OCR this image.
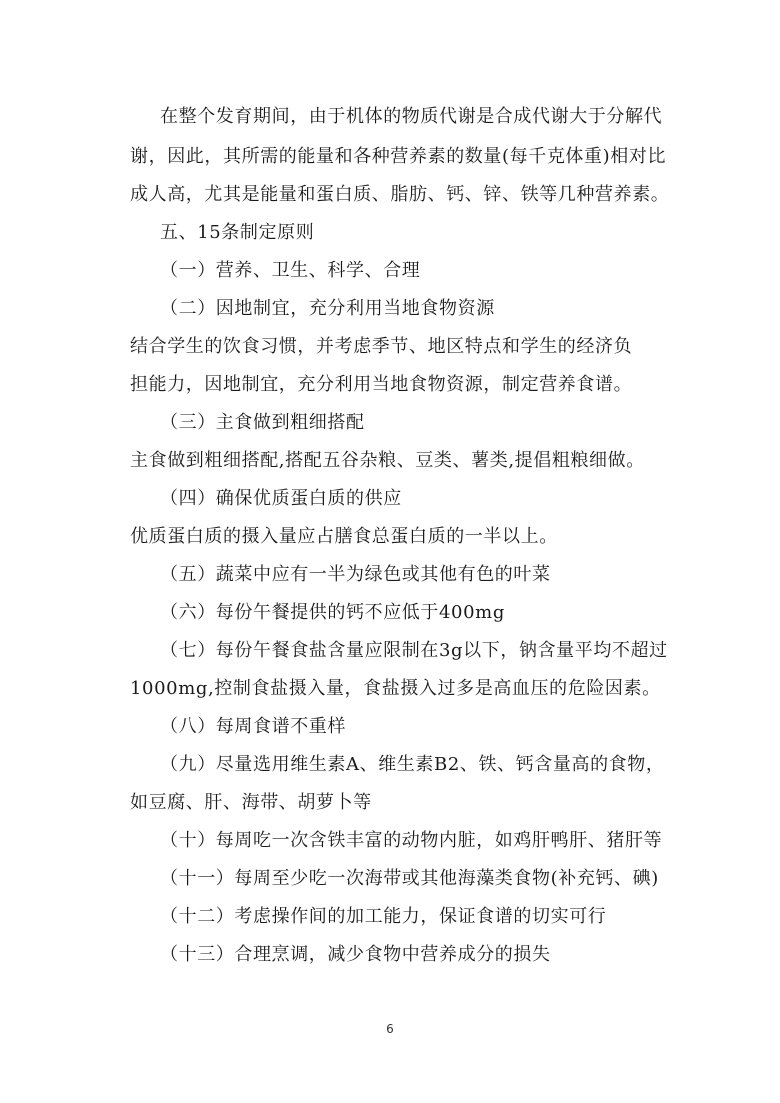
在整个发育期间，由于机体的物质代谢是合成代谢大于分解代
谢，因此，其所需的能量和各种营养素的数量(每千克体重)相对比
成人高，尤其是能量和蛋白质、脂肪、钙、锌、铁等几种营养素。
五、15条制定原则
（一）营养、卫生、科学、合理
（二）因地制宜，充分利用当地食物资源
结合学生的饮食习惯，并考虑季节、地区特点和学生的经济负
担能力，因地制宜，充分利用当地食物资源，制定营养食谱。
（三）主食做到粗细搭配
主食做到粗细搭配,搭配五谷杂粮、豆类、薯类,提倡粗粮细做。
（四）确保优质蛋白质的供应
优质蛋白质的摄入量应占膳食总蛋白质的一半以上。
（五）蔬菜中应有一半为绿色或其他有色的叶菜
（六）每份午餐提供的钙不应低于400mg
（七）每份午餐食盐含量应限制在3g以下，钠含量平均不超过
1000mg,控制食盐摄入量，食盐摄入过多是高血压的危险因素。
（八）每周食谱不重样
（九）尽量选用维生素A、维生素B2、铁、钙含量高的食物，
如豆腐、肝、海带、胡萝卜等
（十）每周吃一次含铁丰富的动物内脏，如鸡肝鸭肝、猪肝等
（十一）每周至少吃一次海带或其他海藻类食物(补充钙、碘)
（十二）考虑操作间的加工能力，保证食谱的切实可行
（十三）合理烹调，减少食物中营养成分的损失
6
